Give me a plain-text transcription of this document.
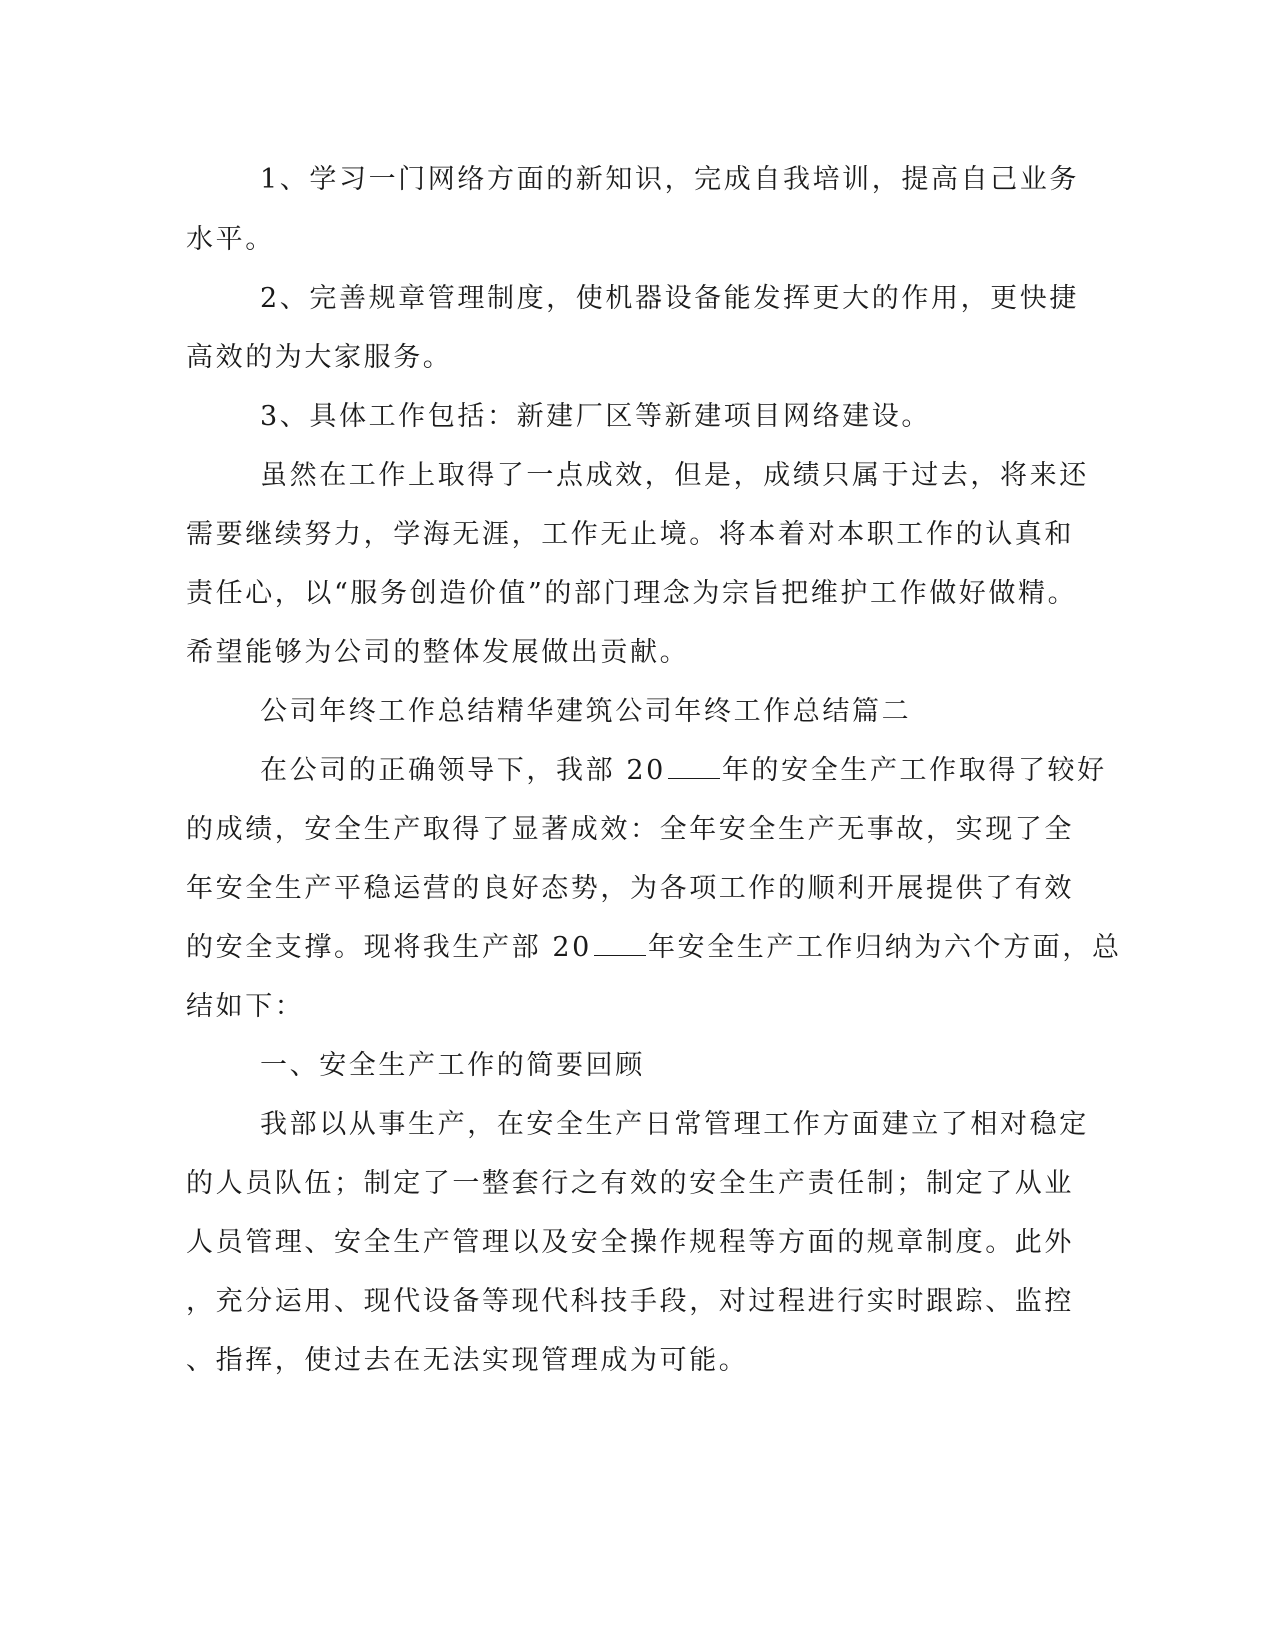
1、学习一门网络方面的新知识，完成自我培训，提高自己业务
水平。
2、完善规章管理制度，使机器设备能发挥更大的作用，更快捷
高效的为大家服务。
3、具体工作包括：新建厂区等新建项目网络建设。
虽然在工作上取得了一点成效，但是，成绩只属于过去，将来还
需要继续努力，学海无涯，工作无止境。将本着对本职工作的认真和
责任心，以“服务创造价值”的部门理念为宗旨把维护工作做好做精。
希望能够为公司的整体发展做出贡献。
公司年终工作总结精华建筑公司年终工作总结篇二
在公司的正确领导下，我部 20 年的安全生产工作取得了较好
的成绩，安全生产取得了显著成效：全年安全生产无事故，实现了全
年安全生产平稳运营的良好态势，为各项工作的顺利开展提供了有效
的安全支撑。现将我生产部 20 年安全生产工作归纳为六个方面，总
结如下：
一、安全生产工作的简要回顾
我部以从事生产，在安全生产日常管理工作方面建立了相对稳定
的人员队伍；制定了一整套行之有效的安全生产责任制；制定了从业
人员管理、安全生产管理以及安全操作规程等方面的规章制度。此外
，充分运用、现代设备等现代科技手段，对过程进行实时跟踪、监控
、指挥，使过去在无法实现管理成为可能。
